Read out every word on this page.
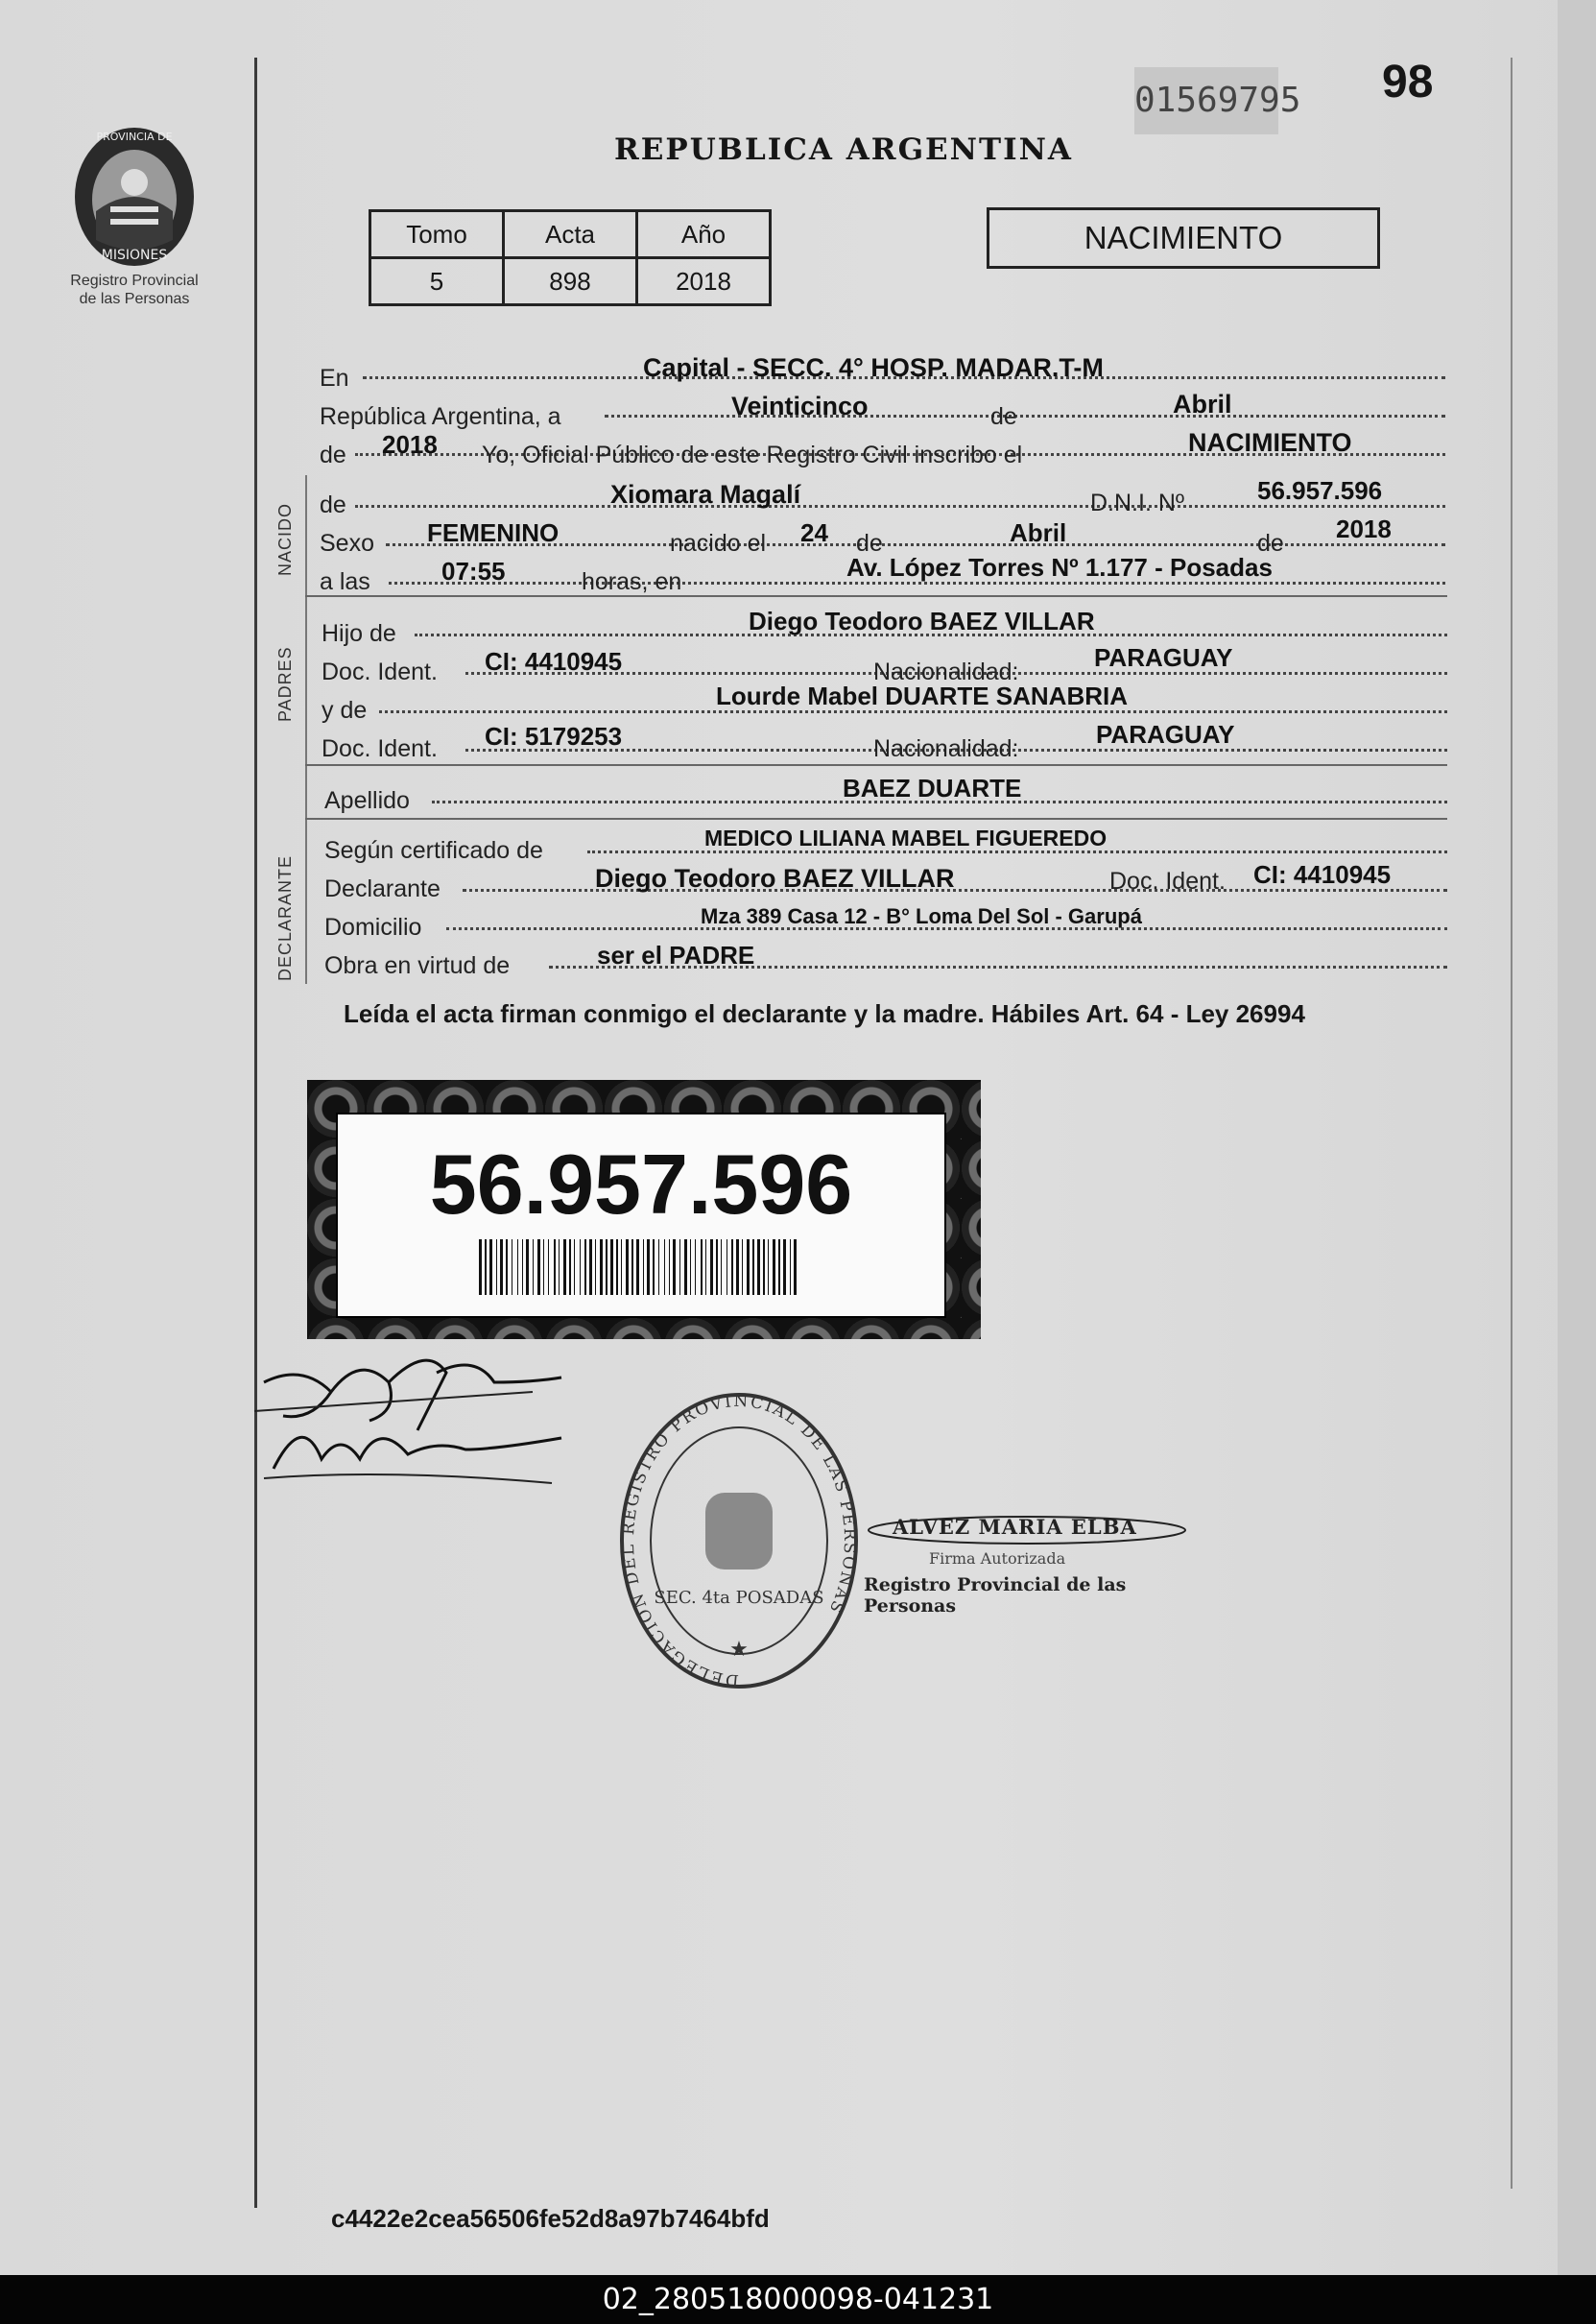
PROVINCIA DE
MISIONES
Registro Provincial
de las Personas
01569795 98
REPUBLICA ARGENTINA
Tomo	Acta	Año
5	898	2018
NACIMIENTO
En	Capital - SECC. 4° HOSP. MADAR.T-M
República Argentina, a	Veinticinco	de	Abril
de 2018 Yo, Oficial Público de este Registro Civil inscribo el	NACIMIENTO
NACIDO de	Xiomara Magalí	D.N.I. Nº	56.957.596
Sexo FEMENINO	nacido el 24 de	Abril	de 2018
a las	07:55	horas, en	Av. López Torres Nº 1.177 - Posadas
PADRES
Hijo de	Diego Teodoro BAEZ VILLAR
Doc. Ident. CI: 4410945	Nacionalidad:	PARAGUAY
y de	Lourde Mabel DUARTE SANABRIA
Doc. Ident. CI: 5179253	Nacionalidad:	PARAGUAY
Apellido	BAEZ DUARTE
DECLARANTE
Según certificado de	MEDICO LILIANA MABEL FIGUEREDO
Declarante	Diego Teodoro BAEZ VILLAR	Doc. Ident. CI: 4410945
Domicilio	Mza 389 Casa 12 - B° Loma Del Sol - Garupá
Obra en virtud de	ser el PADRE
Leída el acta firman conmigo el declarante y la madre. Hábiles Art. 64 - Ley 26994
56.957.596
DELEGACION DEL REGISTRO PROVINCIAL DE LAS PERSONAS
SEC. 4ta POSADAS
★
ALVEZ MARIA ELBA
Firma Autorizada
Registro Provincial de las Personas
c4422e2cea56506fe52d8a97b7464bfd
02_280518000098-041231
